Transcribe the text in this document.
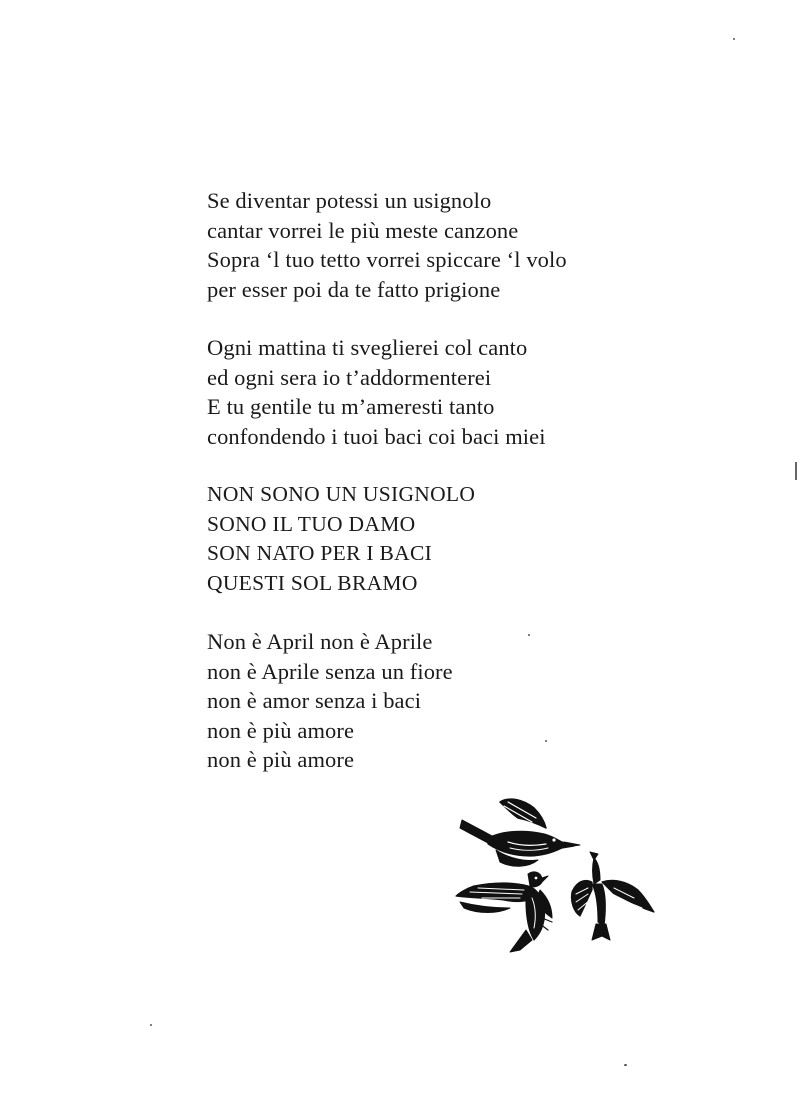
Se diventar potessi un usignolo
cantar vorrei le più meste canzone
Sopra ‘l tuo tetto vorrei spiccare ‘l volo
per esser poi da te fatto prigione
Ogni mattina ti sveglierei col canto
ed ogni sera io t’addormenterei
E tu gentile tu m’ameresti tanto
confondendo i tuoi baci coi baci miei
NON SONO UN USIGNOLO
SONO IL TUO DAMO
SON NATO PER I BACI
QUESTI SOL BRAMO
Non è April non è Aprile
non è Aprile senza un fiore
non è amor senza i baci
non è più amore
non è più amore
